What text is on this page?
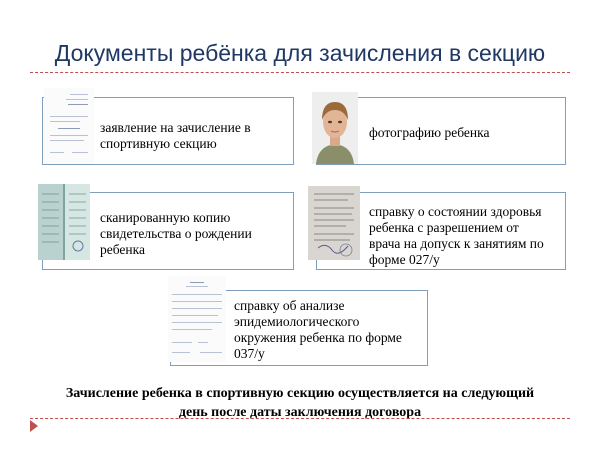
Документы ребёнка для зачисления в секцию
заявление на зачисление в
спортивную секцию
фотографию ребенка
сканированную копию
свидетельства о рождении
ребенка
справку о состоянии здоровья
ребенка с разрешением от
врача на допуск к занятиям по
форме 027/у
справку об анализе
эпидемиологического
окружения ребенка по форме
037/у
Зачисление ребенка в спортивную секцию осуществляется на следующий
день после даты заключения договора
